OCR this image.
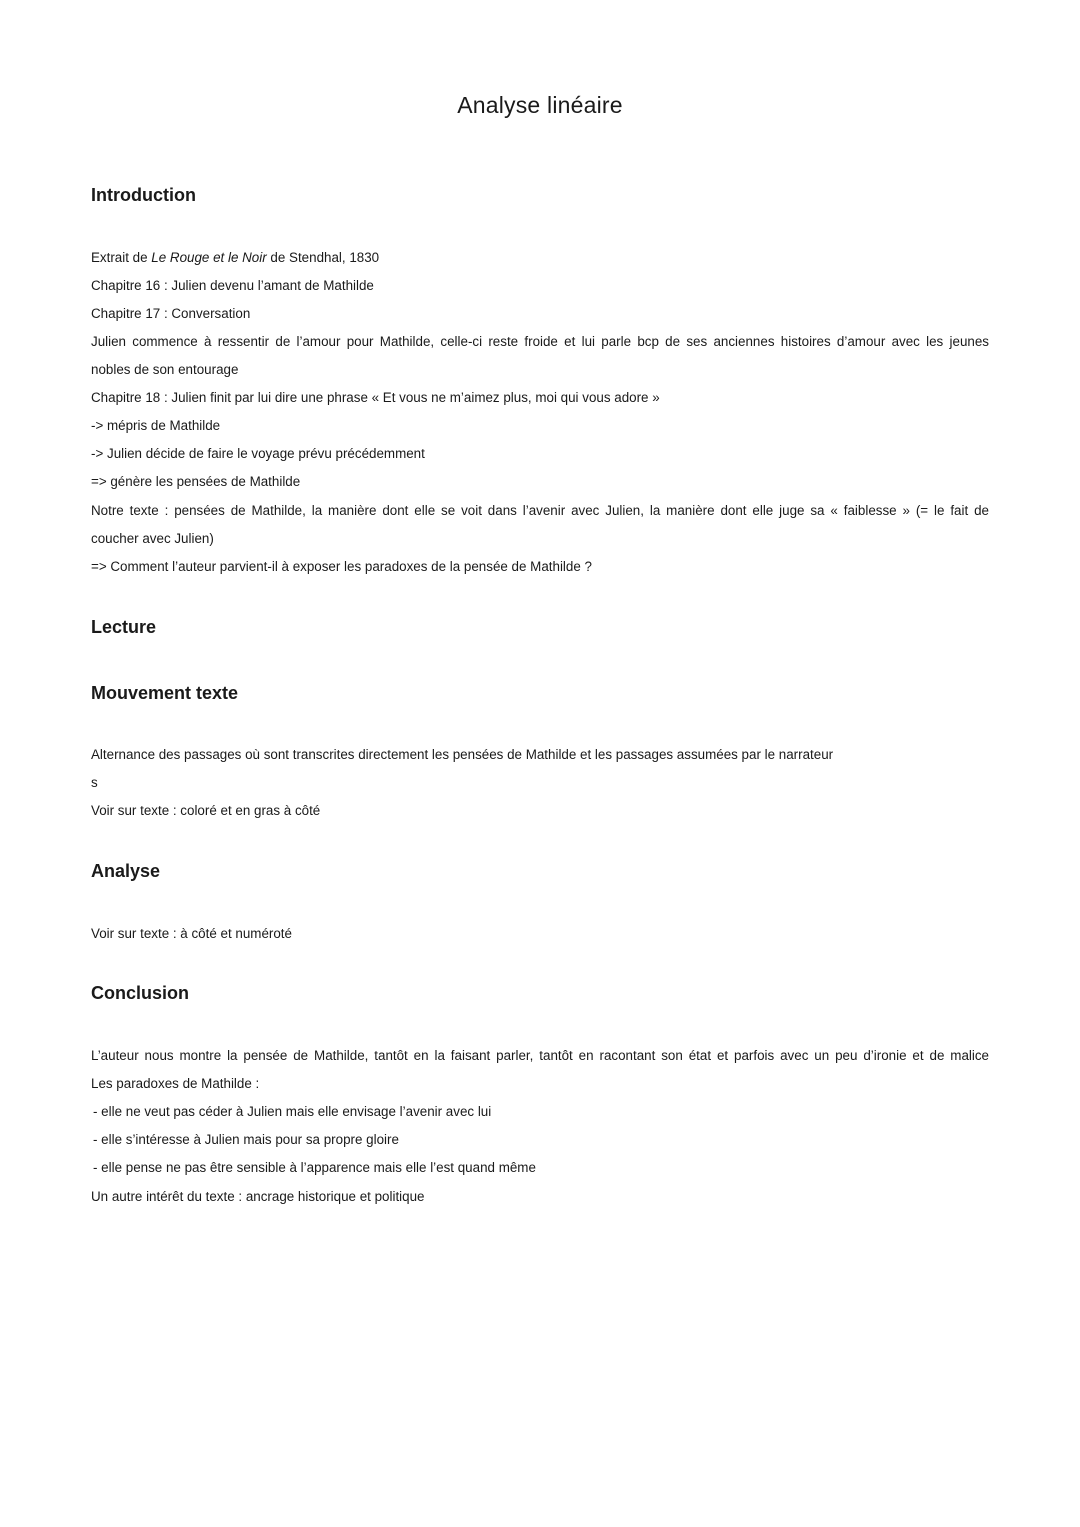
Analyse linéaire
Introduction

Extrait de Le Rouge et le Noir de Stendhal, 1830

Chapitre 16 : Julien devenu l’amant de Mathilde

Chapitre 17 : Conversation

Julien commence à ressentir de l’amour pour Mathilde, celle-ci reste froide et lui parle bcp de ses anciennes histoires d’amour avec les jeunes

nobles de son entourage

Chapitre 18 : Julien finit par lui dire une phrase « Et vous ne m’aimez plus, moi qui vous adore »

-> mépris de Mathilde

-> Julien décide de faire le voyage prévu précédemment

=> génère les pensées de Mathilde

Notre texte : pensées de Mathilde, la manière dont elle se voit dans l’avenir avec Julien, la manière dont elle juge sa « faiblesse » (= le fait de

coucher avec Julien)

=> Comment l’auteur parvient-il à exposer les paradoxes de la pensée de Mathilde ?

Lecture
Mouvement texte

Alternance des passages où sont transcrites directement les pensées de Mathilde et les passages assumées par le narrateur

s

Voir sur texte : coloré et en gras à côté

Analyse

Voir sur texte : à côté et numéroté

Conclusion

L’auteur nous montre la pensée de Mathilde, tantôt en la faisant parler, tantôt en racontant son état et parfois avec un peu d’ironie et de malice

Les paradoxes de Mathilde :

- elle ne veut pas céder à Julien mais elle envisage l’avenir avec lui

- elle s’intéresse à Julien mais pour sa propre gloire

- elle pense ne pas être sensible à l’apparence mais elle l’est quand même

Un autre intérêt du texte : ancrage historique et politique
